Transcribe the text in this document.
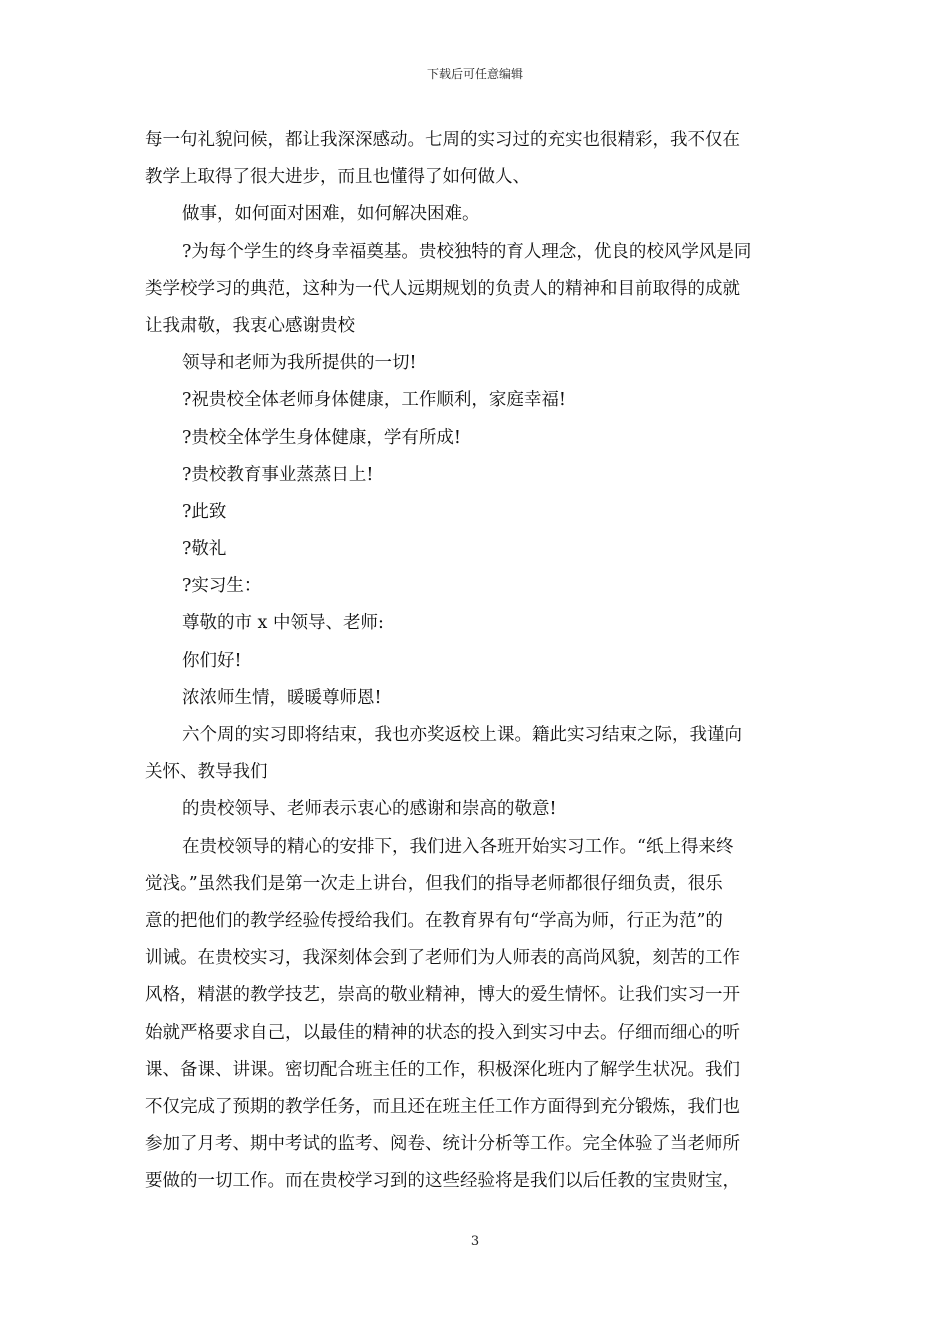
下载后可任意编辑
每一句礼貌问候，都让我深深感动。七周的实习过的充实也很精彩，我不仅在
教学上取得了很大进步，而且也懂得了如何做人、
做事，如何面对困难，如何解决困难。
?为每个学生的终身幸福奠基。贵校独特的育人理念，优良的校风学风是同
类学校学习的典范，这种为一代人远期规划的负责人的精神和目前取得的成就
让我肃敬，我衷心感谢贵校
领导和老师为我所提供的一切!
?祝贵校全体老师身体健康，工作顺利，家庭幸福!
?贵校全体学生身体健康，学有所成!
?贵校教育事业蒸蒸日上!
?此致
?敬礼
?实习生：
尊敬的市 x 中领导、老师:
你们好!
浓浓师生情，暖暖尊师恩!
六个周的实习即将结束，我也亦奖返校上课。籍此实习结束之际，我谨向
关怀、教导我们
的贵校领导、老师表示衷心的感谢和崇高的敬意!
在贵校领导的精心的安排下，我们进入各班开始实习工作。“纸上得来终
觉浅。”虽然我们是第一次走上讲台，但我们的指导老师都很仔细负责，很乐
意的把他们的教学经验传授给我们。在教育界有句“学高为师，行正为范”的
训诫。在贵校实习，我深刻体会到了老师们为人师表的高尚风貌，刻苦的工作
风格，精湛的教学技艺，崇高的敬业精神，博大的爱生情怀。让我们实习一开
始就严格要求自己，以最佳的精神的状态的投入到实习中去。仔细而细心的听
课、备课、讲课。密切配合班主任的工作，积极深化班内了解学生状况。我们
不仅完成了预期的教学任务，而且还在班主任工作方面得到充分锻炼，我们也
参加了月考、期中考试的监考、阅卷、统计分析等工作。完全体验了当老师所
要做的一切工作。而在贵校学习到的这些经验将是我们以后任教的宝贵财宝，
3
